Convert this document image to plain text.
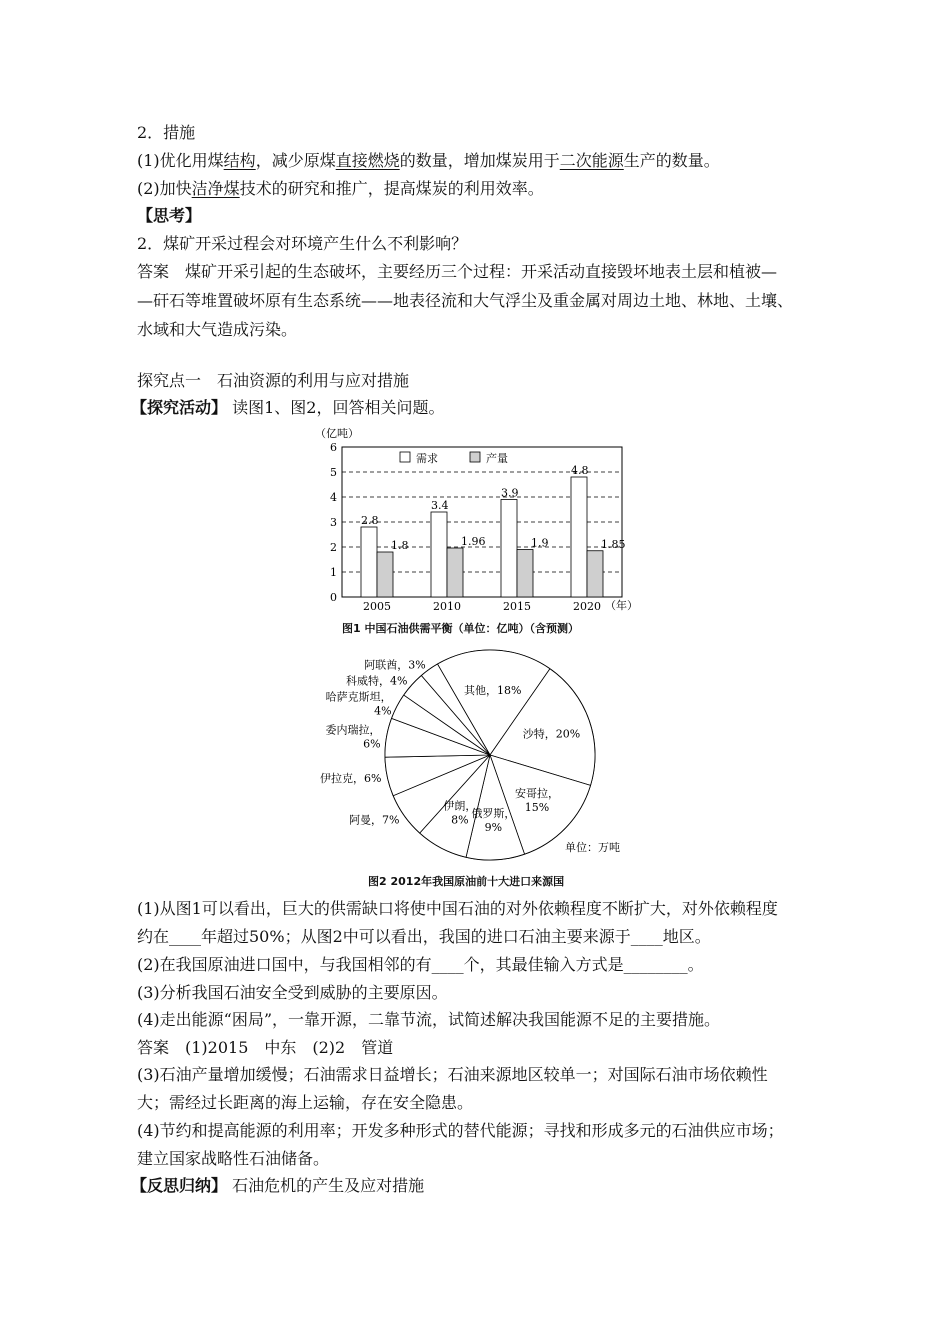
2．措施
(1)优化用煤结构，减少原煤直接燃烧的数量，增加煤炭用于二次能源生产的数量。
(2)加快洁净煤技术的研究和推广，提高煤炭的利用效率。
【思考】
2．煤矿开采过程会对环境产生什么不利影响？
答案　煤矿开采引起的生态破坏，主要经历三个过程：开采活动直接毁坏地表土层和植被—
—矸石等堆置破坏原有生态系统——地表径流和大气浮尘及重金属对周边土地、林地、土壤、
水域和大气造成污染。
探究点一　石油资源的利用与应对措施
【探究活动】 读图1、图2，回答相关问题。
（亿吨）
0
1
2
3
4
5
6
需求	产量
2.8
1.8
3.4
1.96
3.9
1.9
4.8
1.85
2005	2010	2015	2020 （年）
图1 中国石油供需平衡（单位：亿吨）（含预测）
其他，18%
沙特，20%
安哥拉， 15%
俄罗斯， 9%
伊朗， 8%
阿曼，7%
伊拉克，6%
委内瑞拉， 6%
哈萨克斯坦， 4%
科威特，4%
阿联酋，3%
单位：万吨
图2 2012年我国原油前十大进口来源国
(1)从图1可以看出，巨大的供需缺口将使中国石油的对外依赖程度不断扩大，对外依赖程度
约在____年超过50%；从图2中可以看出，我国的进口石油主要来源于____地区。
(2)在我国原油进口国中，与我国相邻的有____个，其最佳输入方式是________。
(3)分析我国石油安全受到威胁的主要原因。
(4)走出能源“困局”，一靠开源，二靠节流，试简述解决我国能源不足的主要措施。
答案　(1)2015　中东　(2)2　管道
(3)石油产量增加缓慢；石油需求日益增长；石油来源地区较单一；对国际石油市场依赖性
大；需经过长距离的海上运输，存在安全隐患。
(4)节约和提高能源的利用率；开发多种形式的替代能源；寻找和形成多元的石油供应市场；
建立国家战略性石油储备。
【反思归纳】 石油危机的产生及应对措施
